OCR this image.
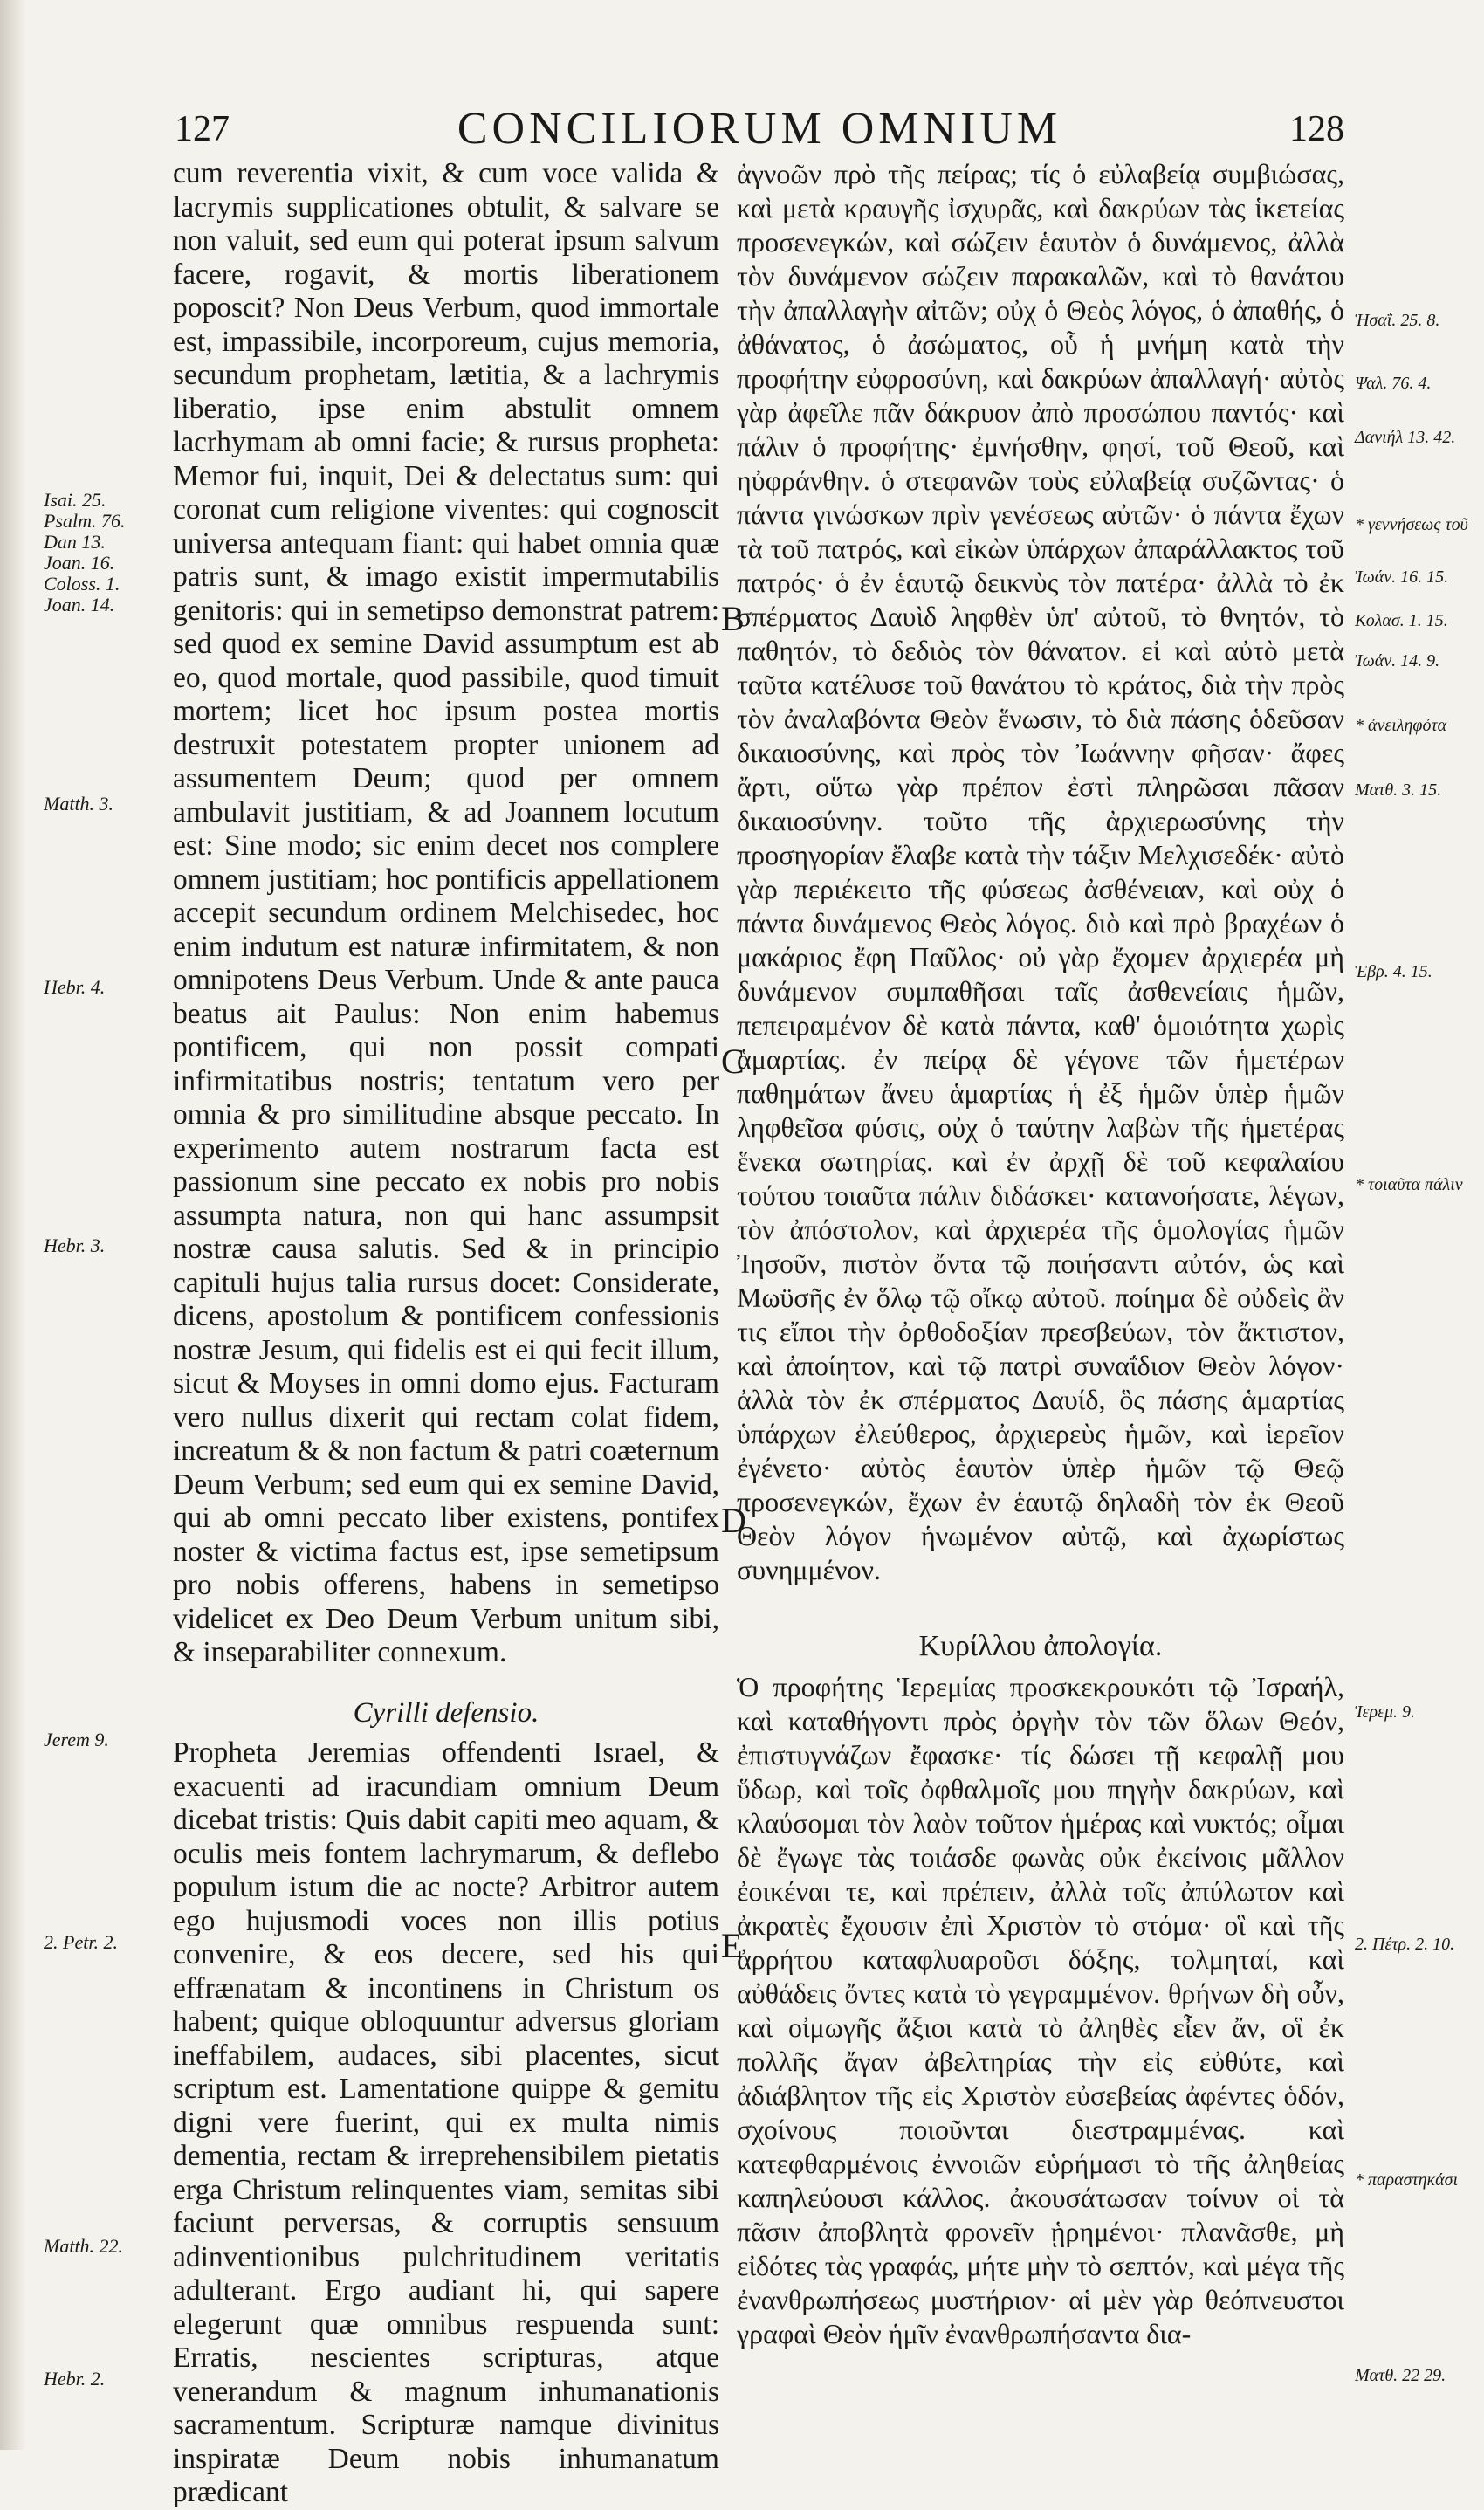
127	CONCILIORUM OMNIUM	128

cum reverentia vixit, & cum voce valida & lacrymis supplicationes obtulit, & salvare se non valuit, sed eum qui poterat ipsum salvum facere, rogavit, & mortis liberationem poposcit? Non Deus Verbum, quod immortale est, impassibile, incorporeum, cujus memoria, secundum prophetam, lætitia, & a lachrymis liberatio, ipse enim abstulit omnem lacrhymam ab omni facie; & rursus propheta: Memor fui, inquit, Dei & delectatus sum: qui coronat cum religione viventes: qui cognoscit universa antequam fiant: qui habet omnia quæ patris sunt, & imago existit impermutabilis genitoris: qui in semetipso demonstrat patrem: sed quod ex semine David assumptum est ab eo, quod mortale, quod passibile, quod timuit mortem; licet hoc ipsum postea mortis destruxit potestatem propter unionem ad assumentem Deum; quod per omnem ambulavit justitiam, & ad Joannem locutum est: Sine modo; sic enim decet nos complere omnem justitiam; hoc pontificis appellationem accepit secundum ordinem Melchisedec, hoc enim indutum est naturæ infirmitatem, & non omnipotens Deus Verbum. Unde & ante pauca beatus ait Paulus: Non enim habemus pontificem, qui non possit compati infirmitatibus nostris; tentatum vero per omnia & pro similitudine absque peccato. In experimento autem nostrarum facta est passionum sine peccato ex nobis pro nobis assumpta natura, non qui hanc assumpsit nostræ causa salutis. Sed & in principio capituli hujus talia rursus docet: Considerate, dicens, apostolum & pontificem confessionis nostræ Jesum, qui fidelis est ei qui fecit illum, sicut & Moyses in omni domo ejus. Facturam vero nullus dixerit qui rectam colat fidem, increatum & & non factum & patri coæternum Deum Verbum; sed eum qui ex semine David, qui ab omni peccato liber existens, pontifex noster & victima factus est, ipse semetipsum pro nobis offerens, habens in semetipso videlicet ex Deo Deum Verbum unitum sibi, & inseparabiliter connexum.

Cyrilli defensio.

Propheta Jeremias offendenti Israel, & exacuenti ad iracundiam omnium Deum dicebat tristis: Quis dabit capiti meo aquam, & oculis meis fontem lachrymarum, & deflebo populum istum die ac nocte? Arbitror autem ego hujusmodi voces non illis potius convenire, & eos decere, sed his qui effrænatam & incontinens in Christum os habent; quique obloquuntur adversus gloriam ineffabilem, audaces, sibi placentes, sicut scriptum est. Lamentatione quippe & gemitu digni vere fuerint, qui ex multa nimis dementia, rectam & irreprehensibilem pietatis erga Christum relinquentes viam, semitas sibi faciunt perversas, & corruptis sensuum adinventionibus pulchritudinem veritatis adulterant. Ergo audiant hi, qui sapere elegerunt quæ omnibus respuenda sunt: Erratis, nescientes scripturas, atque venerandum & magnum inhumanationis sacramentum. Scripturæ namque divinitus inspiratæ Deum nobis inhumanatum prædicant

ἀγνοῶν πρὸ τῆς πείρας; τίς ὁ εὐλαβείᾳ συμβιώσας, καὶ μετὰ κραυγῆς ἰσχυρᾶς, καὶ δακρύων τὰς ἱκετείας προσενεγκών, καὶ σώζειν ἑαυτὸν ὁ δυνάμενος, ἀλλὰ τὸν δυνάμενον σώζειν παρακαλῶν, καὶ τὸ θανάτου τὴν ἀπαλλαγὴν αἰτῶν; οὐχ ὁ Θεὸς λόγος, ὁ ἀπαθής, ὁ ἀθάνατος, ὁ ἀσώματος, οὗ ἡ μνήμη κατὰ τὴν προφήτην εὐφροσύνη, καὶ δακρύων ἀπαλλαγή· αὐτὸς γὰρ ἀφεῖλε πᾶν δάκρυον ἀπὸ προσώπου παντός· καὶ πάλιν ὁ προφήτης· ἐμνήσθην, φησί, τοῦ Θεοῦ, καὶ ηὐφράνθην. ὁ στεφανῶν τοὺς εὐλαβείᾳ συζῶντας· ὁ πάντα γινώσκων πρὶν γενέσεως αὐτῶν· ὁ πάντα ἔχων τὰ τοῦ πατρός, καὶ εἰκὼν ὑπάρχων ἀπαράλλακτος τοῦ πατρός· ὁ ἐν ἑαυτῷ δεικνὺς τὸν πατέρα· ἀλλὰ τὸ ἐκ σπέρματος Δαυὶδ ληφθὲν ὑπ' αὐτοῦ, τὸ θνητόν, τὸ παθητόν, τὸ δεδιὸς τὸν θάνατον. εἰ καὶ αὐτὸ μετὰ ταῦτα κατέλυσε τοῦ θανάτου τὸ κράτος, διὰ τὴν πρὸς τὸν ἀναλαβόντα Θεὸν ἕνωσιν, τὸ διὰ πάσης ὁδεῦσαν δικαιοσύνης, καὶ πρὸς τὸν Ἰωάννην φῆσαν· ἄφες ἄρτι, οὕτω γὰρ πρέπον ἐστὶ πληρῶσαι πᾶσαν δικαιοσύνην. τοῦτο τῆς ἀρχιερωσύνης τὴν προσηγορίαν ἔλαβε κατὰ τὴν τάξιν Μελχισεδέκ· αὐτὸ γὰρ περιέκειτο τῆς φύσεως ἀσθένειαν, καὶ οὐχ ὁ πάντα δυνάμενος Θεὸς λόγος. διὸ καὶ πρὸ βραχέων ὁ μακάριος ἔφη Παῦλος· οὐ γὰρ ἔχομεν ἀρχιερέα μὴ δυνάμενον συμπαθῆσαι ταῖς ἀσθενείαις ἡμῶν, πεπειραμένον δὲ κατὰ πάντα, καθ' ὁμοιότητα χωρὶς ἁμαρτίας. ἐν πείρᾳ δὲ γέγονε τῶν ἡμετέρων παθημάτων ἄνευ ἁμαρτίας ἡ ἐξ ἡμῶν ὑπὲρ ἡμῶν ληφθεῖσα φύσις, οὐχ ὁ ταύτην λαβὼν τῆς ἡμετέρας ἕνεκα σωτηρίας. καὶ ἐν ἀρχῇ δὲ τοῦ κεφαλαίου τούτου τοιαῦτα πάλιν διδάσκει· κατανοήσατε, λέγων, τὸν ἀπόστολον, καὶ ἀρχιερέα τῆς ὁμολογίας ἡμῶν Ἰησοῦν, πιστὸν ὄντα τῷ ποιήσαντι αὐτόν, ὡς καὶ Μωϋσῆς ἐν ὅλῳ τῷ οἴκῳ αὐτοῦ. ποίημα δὲ οὐδεὶς ἂν τις εἴποι τὴν ὀρθοδοξίαν πρεσβεύων, τὸν ἄκτιστον, καὶ ἀποίητον, καὶ τῷ πατρὶ συναΐδιον Θεὸν λόγον· ἀλλὰ τὸν ἐκ σπέρματος Δαυίδ, ὃς πάσης ἁμαρτίας ὑπάρχων ἐλεύθερος, ἀρχιερεὺς ἡμῶν, καὶ ἱερεῖον ἐγένετο· αὐτὸς ἑαυτὸν ὑπὲρ ἡμῶν τῷ Θεῷ προσενεγκών, ἔχων ἐν ἑαυτῷ δηλαδὴ τὸν ἐκ Θεοῦ Θεὸν λόγον ἡνωμένον αὐτῷ, καὶ ἀχωρίστως συνημμένον.

Κυρίλλου ἀπολογία.

Ὁ προφήτης Ἱερεμίας προσκεκρουκότι τῷ Ἰσραήλ, καὶ καταθήγοντι πρὸς ὀργὴν τὸν τῶν ὅλων Θεόν, ἐπιστυγνάζων ἔφασκε· τίς δώσει τῇ κεφαλῇ μου ὕδωρ, καὶ τοῖς ὀφθαλμοῖς μου πηγὴν δακρύων, καὶ κλαύσομαι τὸν λαὸν τοῦτον ἡμέρας καὶ νυκτός; οἶμαι δὲ ἔγωγε τὰς τοιάσδε φωνὰς οὐκ ἐκείνοις μᾶλλον ἐοικέναι τε, καὶ πρέπειν, ἀλλὰ τοῖς ἀπύλωτον καὶ ἀκρατὲς ἔχουσιν ἐπὶ Χριστὸν τὸ στόμα· οἳ καὶ τῆς ἀρρήτου καταφλυαροῦσι δόξης, τολμηταί, καὶ αὐθάδεις ὄντες κατὰ τὸ γεγραμμένον. θρήνων δὴ οὖν, καὶ οἰμωγῆς ἄξιοι κατὰ τὸ ἀληθὲς εἶεν ἄν, οἳ ἐκ πολλῆς ἄγαν ἀβελτηρίας τὴν εἰς εὐθύτε, καὶ ἀδιάβλητον τῆς εἰς Χριστὸν εὐσεβείας ἀφέντες ὁδόν, σχοίνους ποιοῦνται διεστραμμένας. καὶ κατεφθαρμένοις ἐννοιῶν εὑρήμασι τὸ τῆς ἀληθείας καπηλεύουσι κάλλος. ἀκουσάτωσαν τοίνυν οἱ τὰ πᾶσιν ἀποβλητὰ φρονεῖν ᾑρημένοι· πλανᾶσθε, μὴ εἰδότες τὰς γραφάς, μήτε μὴν τὸ σεπτόν, καὶ μέγα τῆς ἐνανθρωπήσεως μυστήριον· αἱ μὲν γὰρ θεόπνευστοι γραφαὶ Θεὸν ἡμῖν ἐνανθρωπήσαντα δια-

B
C
D
E
Isai. 25.
Psalm. 76.
Dan 13.
Joan. 16.
Coloss. 1.
Joan. 14.
Matth. 3.
Hebr. 4.
Hebr. 3.
Jerem 9.
2. Petr. 2.
Matth. 22.
Hebr. 2.
Ἡσαΐ. 25. 8.
Ψαλ. 76. 4.
Δανιήλ 13. 42.
* γεννήσεως τοῦ
Ἰωάν. 16. 15.
Κολασ. 1. 15.
Ἰωάν. 14. 9.
* ἀνειληφότα
Ματθ. 3. 15.
Ἑβρ. 4. 15.
* τοιαῦτα πάλιν
Ἱερεμ. 9.
2. Πέτρ. 2. 10.
* παραστηκάσι
Ματθ. 22 29.
